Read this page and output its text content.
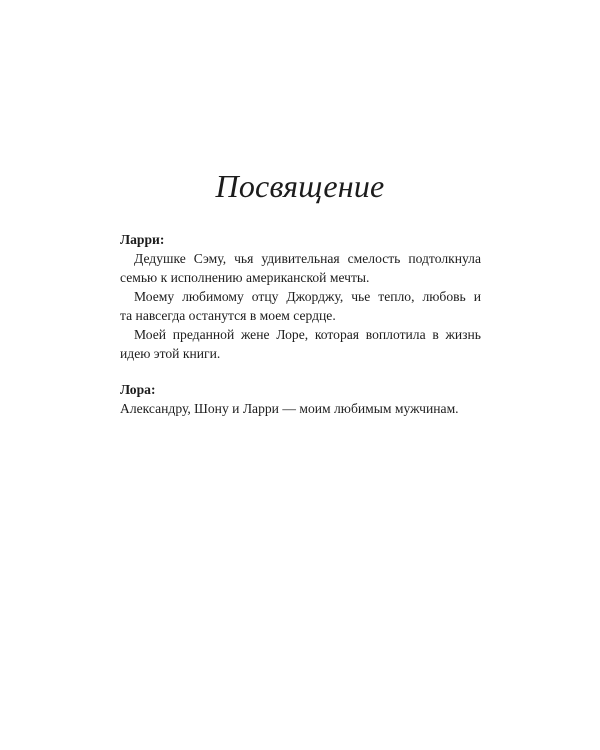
Посвящение
Ларри:
Дедушке Сэму, чья удивительная смелость подтолкнула
семью к исполнению американской мечты.
Моему любимому отцу Джорджу, чье тепло, любовь и
та навсегда останутся в моем сердце.
Моей преданной жене Лоре, которая воплотила в жизнь
идею этой книги.
Лора:
Александру, Шону и Ларри — моим любимым мужчинам.
